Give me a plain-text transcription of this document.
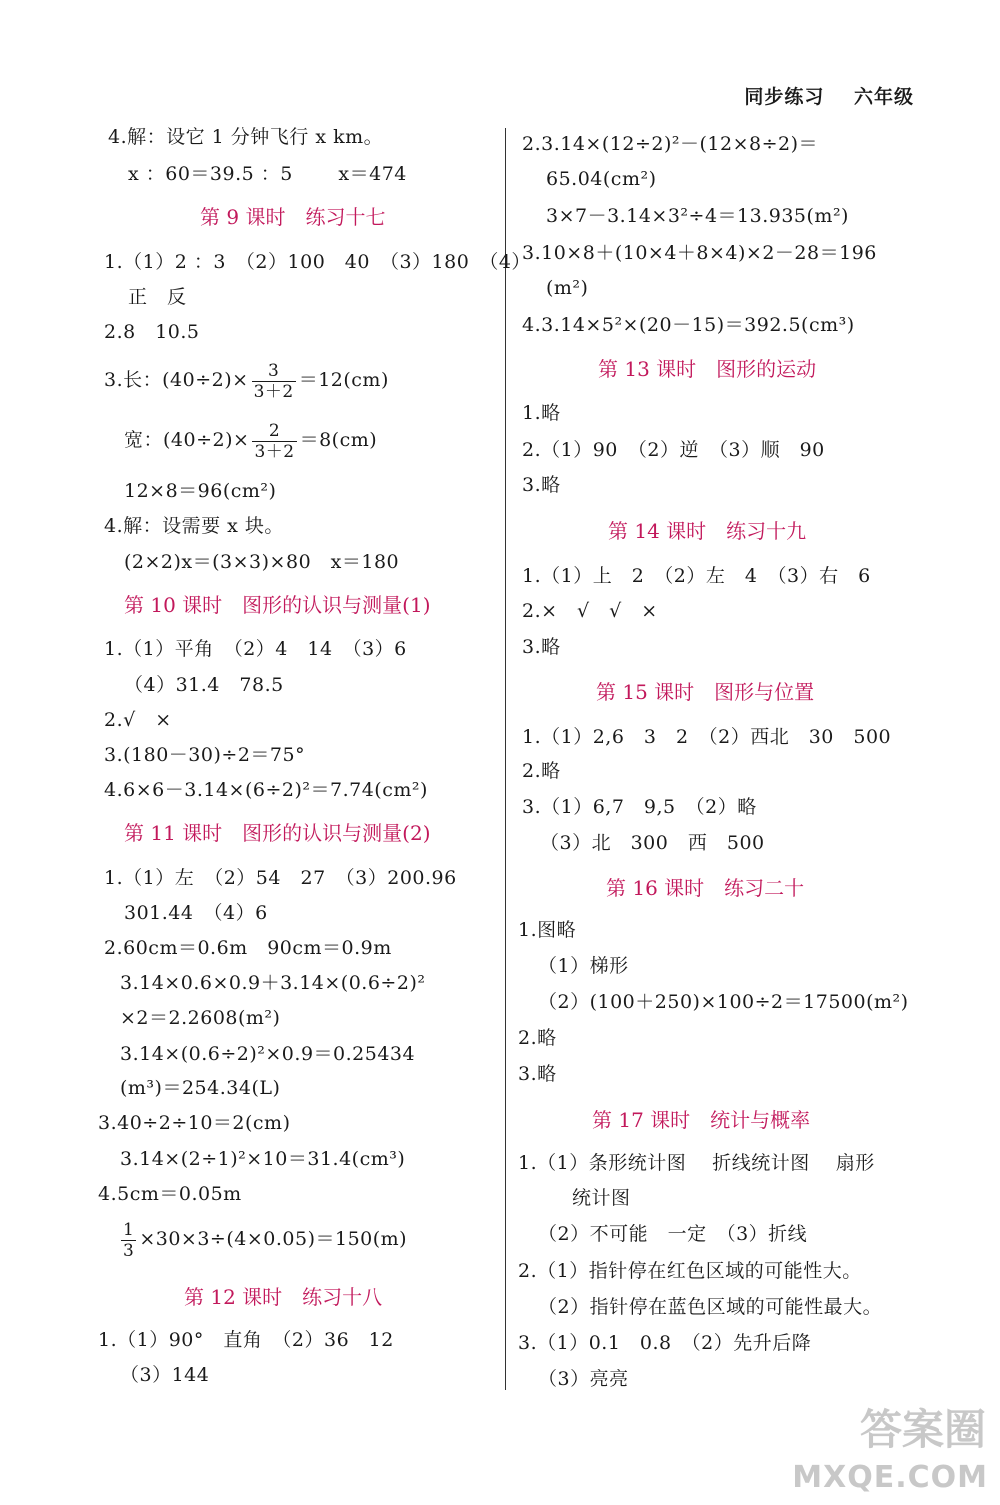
同步练习 六年级
4.解：设它 1 分钟飞行 x km。
x ：60＝39.5 ：5　　 x＝474
第 9 课时　练习十七
1.（1）2 ：3　（2）100　40　（3）180　（4）
正　反
2.8　10.5
3.长：$(40\div 2)\times \frac{3}{3+2} =12(cm)$
宽：$(40\div 2)\times \frac{2}{3+2} =8(cm)$
12×8＝96(cm²)
4.解：设需要 x 块。
(2×2)x＝(3×3)×80　x＝180
第 10 课时　图形的认识与测量(1)
1.（1）平角　（2）4　14　（3）6
（4）31.4　78.5
2.√　×
3.(180－30)÷2＝75°
4.6×6－3.14×(6÷2)²＝7.74(cm²)
第 11 课时　图形的认识与测量(2)
1.（1）左　（2）54　27　（3）200.96
301.44　（4）6
2.60cm＝0.6m　90cm＝0.9m
3.14×0.6×0.9＋3.14×(0.6÷2)²
×2＝2.2608(m²)
3.14×(0.6÷2)²×0.9＝0.25434
(m³)＝254.34(L)
3.40÷2÷10＝2(cm)
3.14×(2÷1)²×10＝31.4(cm³)
4.5cm＝0.05m
$\frac{1}{3} \times 30\times 3\div(4\times 0.05)=150(m)$
第 12 课时　练习十八
1.（1）90°　直角　（2）36　12
（3）144
2.3.14×(12÷2)²－(12×8÷2)＝
65.04(cm²)
3×7－3.14×3²÷4＝13.935(m²)
3.10×8＋(10×4＋8×4)×2－28＝196
(m²)
4.3.14×5²×(20－15)＝392.5(cm³)
第 13 课时　图形的运动
1.略
2.（1）90　（2）逆　（3）顺　90
3.略
第 14 课时　练习十九
1.（1）上　2　（2）左　4　（3）右　6
2.×　√　√　×
3.略
第 15 课时　图形与位置
1.（1）2,6　3　2　（2）西北　30　500
2.略
3.（1）6,7　9,5　（2）略
（3）北　300　西　500
第 16 课时　练习二十
1.图略
（1）梯形
（2）(100＋250)×100÷2＝17500(m²)
2.略
3.略
第 17 课时　统计与概率
1.（1）条形统计图　 折线统计图　 扇形
统计图
（2）不可能　一定　（3）折线
2.（1）指针停在红色区域的可能性大。
（2）指针停在蓝色区域的可能性最大。
3.（1）0.1　0.8　（2）先升后降
（3）亮亮
答案圈
MXQE.COM
